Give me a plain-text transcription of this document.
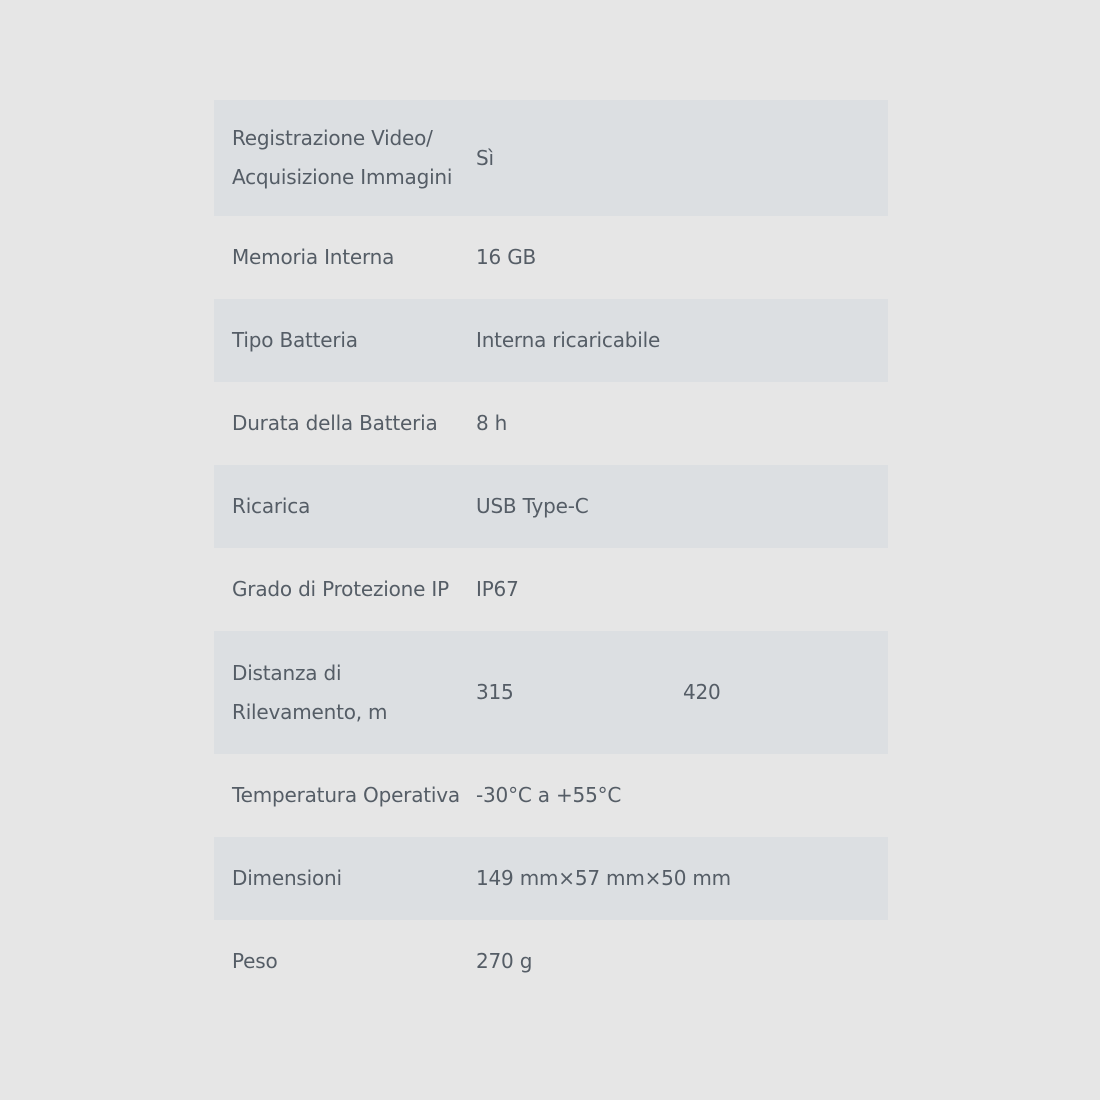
Registrazione Video/
Acquisizione Immagini
Sì
Memoria Interna	16 GB
Tipo Batteria	Interna ricaricabile
Durata della Batteria	8 h
Ricarica	USB Type-C
Grado di Protezione IP	IP67
Distanza di
Rilevamento, m
315	420
Temperatura Operativa -30°C a +55°C
Dimensioni	149 mm×57 mm×50 mm
Peso	270 g
